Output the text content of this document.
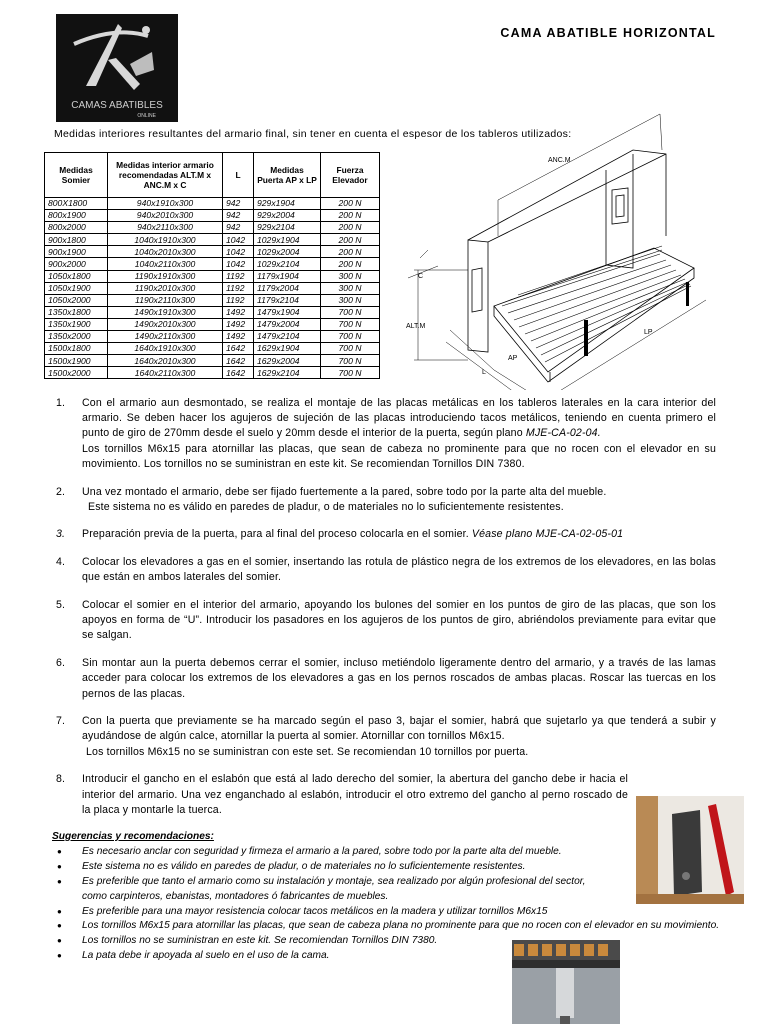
CAMAS ABATIBLES
ONLINE
CAMA ABATIBLE HORIZONTAL
Medidas interiores resultantes del armario final, sin tener en cuenta el espesor de los tableros utilizados:
Medidas Somier	Medidas interior armario recomendadas ALT.M x ANC.M x C	L	Medidas Puerta AP x LP	Fuerza Elevador
800X1800	940x1910x300	942	929x1904	200 N
800x1900	940x2010x300	942	929x2004	200 N
800x2000	940x2110x300	942	929x2104	200 N
900x1800	1040x1910x300	1042	1029x1904	200 N
900x1900	1040x2010x300	1042	1029x2004	200 N
900x2000	1040x2110x300	1042	1029x2104	200 N
1050x1800	1190x1910x300	1192	1179x1904	300 N
1050x1900	1190x2010x300	1192	1179x2004	300 N
1050x2000	1190x2110x300	1192	1179x2104	300 N
1350x1800	1490x1910x300	1492	1479x1904	700 N
1350x1900	1490x2010x300	1492	1479x2004	700 N
1350x2000	1490x2110x300	1492	1479x2104	700 N
1500x1800	1640x1910x300	1642	1629x1904	700 N
1500x1900	1640x2010x300	1642	1629x2004	700 N
1500x2000	1640x2110x300	1642	1629x2104	700 N
ANC.M
C
ALT.M
LP
AP
L
1.	Con el armario aun desmontado, se realiza el montaje de las placas metálicas en los tableros laterales en la cara interior del armario. Se deben hacer los agujeros de sujeción de las placas introduciendo tacos metálicos, teniendo en cuenta primero el punto de giro de 270mm desde el suelo y 20mm desde el interior de la puerta, según plano MJE-CA-02-04.

Los tornillos M6x15 para atornillar las placas, que sean de cabeza no prominente para que no rocen con el elevador en su movimiento. Los tornillos no se suministran en este kit. Se recomiendan Tornillos DIN 7380.

2.	Una vez montado el armario, debe ser fijado fuertemente a la pared, sobre todo por la parte alta del mueble.

Este sistema no es válido en paredes de pladur, o de materiales no lo suficientemente resistentes.

3.	Preparación previa de la puerta, para al final del proceso colocarla en el somier. Véase plano MJE-CA-02-05-01

4.	Colocar los elevadores a gas en el somier, insertando las rotula de plástico negra de los extremos de los elevadores, en las bolas que están en ambos laterales del somier.

5.	Colocar el somier en el interior del armario, apoyando los bulones del somier en los puntos de giro de las placas, que son los apoyos en forma de “U”. Introducir los pasadores en los agujeros de los puntos de giro, abriéndolos previamente para evitar que se salgan.

6.	Sin montar aun la puerta debemos cerrar el somier, incluso metiéndolo ligeramente dentro del armario, y a través de las lamas acceder para colocar los extremos de los elevadores a gas en los pernos roscados de ambas placas. Roscar las tuercas en los pernos de las placas.

7.	Con la puerta que previamente se ha marcado según el paso 3, bajar el somier, habrá que sujetarlo ya que tenderá a subir y ayudándose de algún calce, atornillar la puerta al somier. Atornillar con tornillos M6x15.

Los tornillos M6x15 no se suministran con este set. Se recomiendan 10 tornillos por puerta.

8.	Introducir el gancho en el eslabón que está al lado derecho del somier, la abertura del gancho debe ir hacia el interior del armario. Una vez enganchado al eslabón, introducir el otro extremo del gancho al perno roscado de la placa y montarle la tuerca.

Sugerencias y recomendaciones:
● Es necesario anclar con seguridad y firmeza el armario a la pared, sobre todo por la parte alta del mueble.
● Este sistema no es válido en paredes de pladur, o de materiales no lo suficientemente resistentes.
● Es preferible que tanto el armario como su instalación y montaje, sea realizado por algún profesional del sector, como carpinteros, ebanistas, montadores ó fabricantes de muebles.
● Es preferible para una mayor resistencia colocar tacos metálicos en la madera y utilizar tornillos M6x15
● Los tornillos M6x15 para atornillar las placas, que sean de cabeza plana no prominente para que no rocen con el elevador en su movimiento.
● Los tornillos no se suministran en este kit. Se recomiendan Tornillos DIN 7380.
● La pata debe ir apoyada al suelo en el uso de la cama.
